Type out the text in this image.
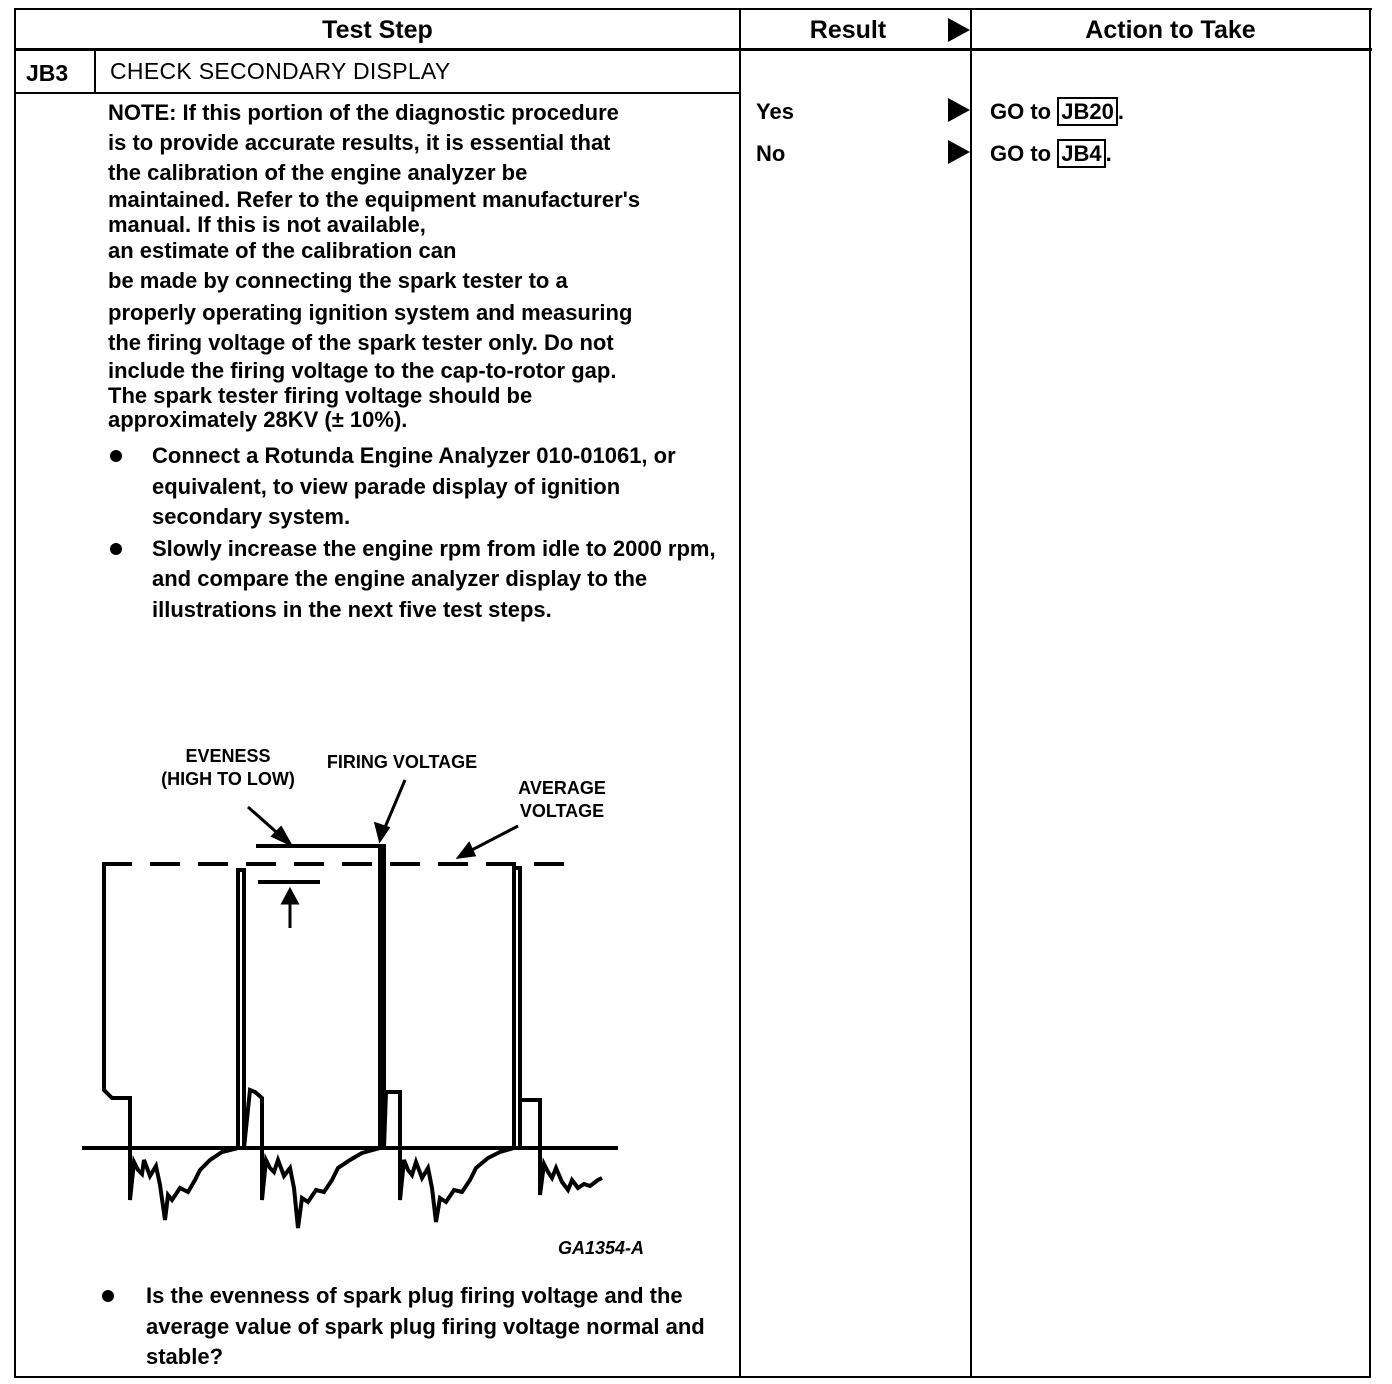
Test Step	Result	Action to Take
JB3 CHECK SECONDARY DISPLAY

NOTE: If this portion of the diagnostic procedure

is to provide accurate results, it is essential that

the calibration of the engine analyzer be

maintained. Refer to the equipment manufacturer's

manual. If this is not available,

an estimate of the calibration can

be made by connecting the spark tester to a

properly operating ignition system and measuring

the firing voltage of the spark tester only. Do not

include the firing voltage to the cap-to-rotor gap.

The spark tester firing voltage should be

approximately 28KV (± 10%).

Connect a Rotunda Engine Analyzer 010-01061, or equivalent, to view parade display of ignition secondary system.
Slowly increase the engine rpm from idle to 2000 rpm, and compare the engine analyzer display to the illustrations in the next five test steps.
EVENESS
(HIGH TO LOW)
FIRING VOLTAGE
AVERAGE
VOLTAGE
GA1354-A
Is the evenness of spark plug firing voltage and the average value of spark plug firing voltage normal and stable?
Yes
No
GO to JB20 .
GO to JB4 .
